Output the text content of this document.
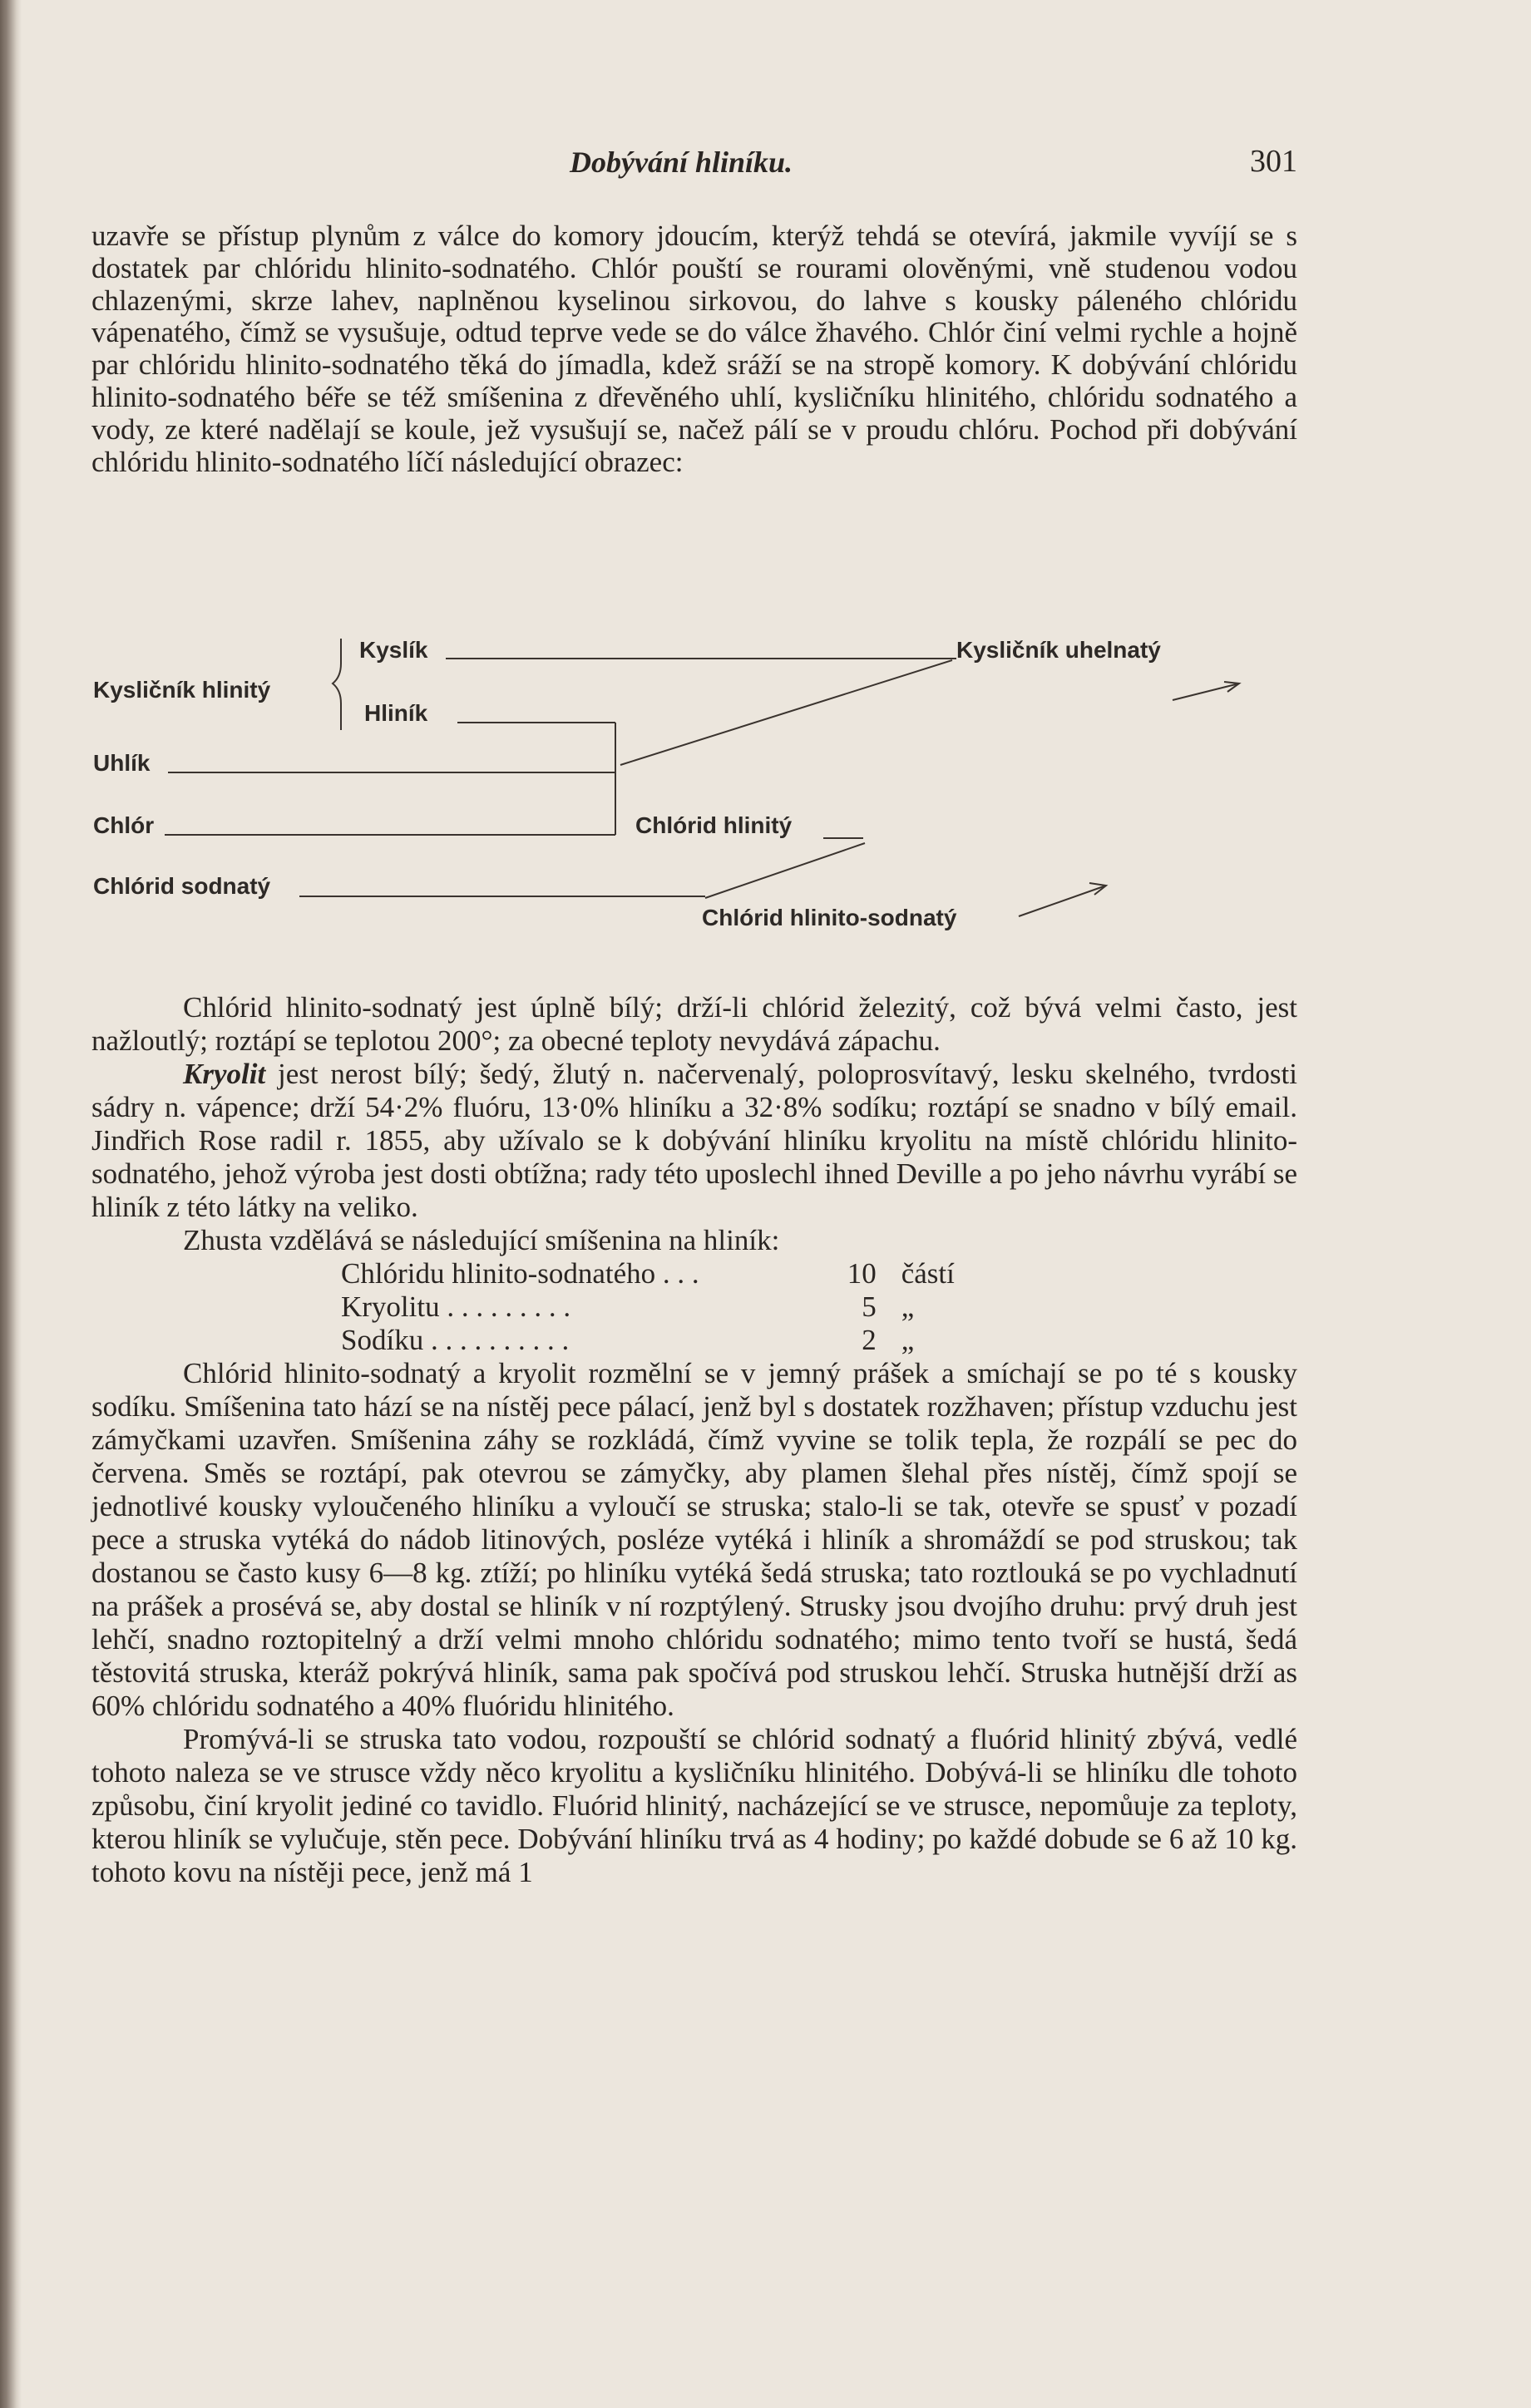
Dobývání hliníku.	301

uzavře se přístup plynům z válce do komory jdoucím, kterýž tehdá se otevírá, jakmile vyvíjí se s dostatek par chlóridu hlinito-sodnatého. Chlór pouští se rourami olověnými, vně studenou vodou chlazenými, skrze lahev, naplněnou kyselinou sirkovou, do lahve s kousky páleného chlóridu vápenatého, čímž se vysušuje, odtud teprve vede se do válce žhavého. Chlór činí velmi rychle a hojně par chlóridu hlinito-sodnatého těká do jímadla, kdež sráží se na stropě komory. K dobývání chlóridu hlinito-sodnatého béře se též smíšenina z dřevěného uhlí, kysličníku hlinitého, chlóridu sodnatého a vody, ze které nadělají se koule, jež vysušují se, načež pálí se v proudu chlóru. Pochod při dobývání chlóridu hlinito-sodnatého líčí následující obrazec:

Kysličník hlinitý
Kyslík
Hliník
Uhlík
Chlór
Chlórid sodnatý
Kysličník uhelnatý
Chlórid hlinitý
Chlórid hlinito-sodnatý

Chlórid hlinito-sodnatý jest úplně bílý; drží-li chlórid železitý, což bývá velmi často, jest nažloutlý; roztápí se teplotou 200°; za obecné teploty nevydává zápachu.

Kryolit jest nerost bílý; šedý, žlutý n. načervenalý, poloprosvítavý, lesku skelného, tvrdosti sádry n. vápence; drží 54·2% fluóru, 13·0% hliníku a 32·8% sodíku; roztápí se snadno v bílý email. Jindřich Rose radil r. 1855, aby užívalo se k dobývání hliníku kryolitu na místě chlóridu hlinito-sodnatého, jehož výroba jest dosti obtížna; rady této uposlechl ihned Deville a po jeho návrhu vyrábí se hliník z této látky na veliko.

Zhusta vzdělává se následující smíšenina na hliník:

Chlóridu hlinito-sodnatého . . .	10 částí
Kryolitu . . . . . . . . .	5 „
Sodíku . . . . . . . . . .	2 „

Chlórid hlinito-sodnatý a kryolit rozmělní se v jemný prášek a smíchají se po té s kousky sodíku. Smíšenina tato hází se na nístěj pece pálací, jenž byl s dostatek rozžhaven; přístup vzduchu jest zámyčkami uzavřen. Smíšenina záhy se rozkládá, čímž vyvine se tolik tepla, že rozpálí se pec do červena. Směs se roztápí, pak otevrou se zámyčky, aby plamen šlehal přes nístěj, čímž spojí se jednotlivé kousky vyloučeného hliníku a vyloučí se struska; stalo-li se tak, otevře se spusť v pozadí pece a struska vytéká do nádob litinových, posléze vytéká i hliník a shromáždí se pod struskou; tak dostanou se často kusy 6—8 kg. ztíží; po hliníku vytéká šedá struska; tato roztlouká se po vychladnutí na prášek a prosévá se, aby dostal se hliník v ní rozptýlený. Strusky jsou dvojího druhu: prvý druh jest lehčí, snadno roztopitelný a drží velmi mnoho chlóridu sodnatého; mimo tento tvoří se hustá, šedá těstovitá struska, kteráž pokrývá hliník, sama pak spočívá pod struskou lehčí. Struska hutnější drží as 60% chlóridu sodnatého a 40% fluóridu hlinitého.

Promývá-li se struska tato vodou, rozpouští se chlórid sodnatý a fluórid hlinitý zbývá, vedlé tohoto naleza se ve strusce vždy něco kryolitu a kysličníku hlinitého. Dobývá-li se hliníku dle tohoto způsobu, činí kryolit jediné co tavidlo. Fluórid hlinitý, nacházející se ve strusce, nepomůuje za teploty, kterou hliník se vylučuje, stěn pece. Dobývání hliníku trvá as 4 hodiny; po každé dobude se 6 až 10 kg. tohoto kovu na nístěji pece, jenž má 1
